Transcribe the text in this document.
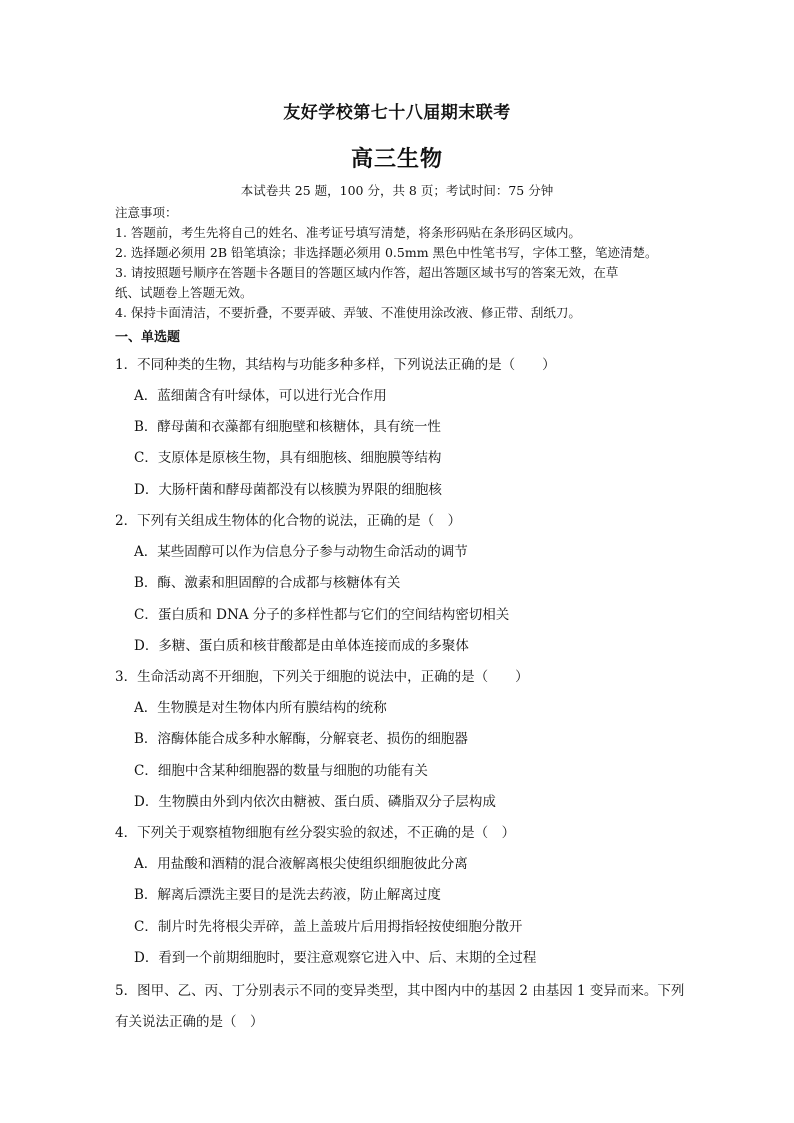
友好学校第七十八届期末联考
高三生物
本试卷共 25 题，100 分，共 8 页；考试时间：75 分钟
注意事项：
1. 答题前，考生先将自己的姓名、准考证号填写清楚，将条形码贴在条形码区域内。
2. 选择题必须用 2B 铅笔填涂；非选择题必须用 0.5mm 黑色中性笔书写，字体工整，笔迹清楚。
3. 请按照题号顺序在答题卡各题目的答题区域内作答，超出答题区域书写的答案无效，在草
纸、试题卷上答题无效。
4. 保持卡面清洁，不要折叠，不要弄破、弄皱、不准使用涂改液、修正带、刮纸刀。
一、单选题
1．不同种类的生物，其结构与功能多种多样，下列说法正确的是（　　）
A．蓝细菌含有叶绿体，可以进行光合作用
B．酵母菌和衣藻都有细胞壁和核糖体，具有统一性
C．支原体是原核生物，具有细胞核、细胞膜等结构
D．大肠杆菌和酵母菌都没有以核膜为界限的细胞核
2．下列有关组成生物体的化合物的说法，正确的是（　）
A．某些固醇可以作为信息分子参与动物生命活动的调节
B．酶、激素和胆固醇的合成都与核糖体有关
C．蛋白质和 DNA 分子的多样性都与它们的空间结构密切相关
D．多糖、蛋白质和核苷酸都是由单体连接而成的多聚体
3．生命活动离不开细胞，下列关于细胞的说法中，正确的是（　　）
A．生物膜是对生物体内所有膜结构的统称
B．溶酶体能合成多种水解酶，分解衰老、损伤的细胞器
C．细胞中含某种细胞器的数量与细胞的功能有关
D．生物膜由外到内依次由糖被、蛋白质、磷脂双分子层构成
4．下列关于观察植物细胞有丝分裂实验的叙述，不正确的是（　）
A．用盐酸和酒精的混合液解离根尖使组织细胞彼此分离
B．解离后漂洗主要目的是洗去药液，防止解离过度
C．制片时先将根尖弄碎，盖上盖玻片后用拇指轻按使细胞分散开
D．看到一个前期细胞时，要注意观察它进入中、后、末期的全过程
5．图甲、乙、丙、丁分别表示不同的变异类型，其中图内中的基因 2 由基因 1 变异而来。下列有关说法正确的是（　）
